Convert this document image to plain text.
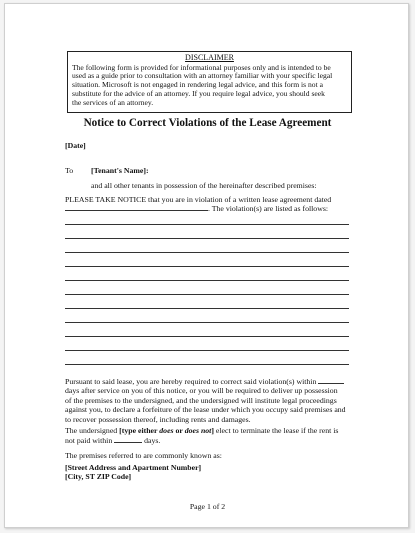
DISCLAIMER
The following form is provided for informational purposes only and is intended to be
used as a guide prior to consultation with an attorney familiar with your specific legal
situation. Microsoft is not engaged in rendering legal advice, and this form is not a
substitute for the advice of an attorney. If you require legal advice, you should seek
the services of an attorney.
Notice to Correct Violations of the Lease Agreement
[Date]
To [Tenant's Name]:
and all other tenants in possession of the hereinafter described premises:
PLEASE TAKE NOTICE that you are in violation of a written lease agreement dated
. The violation(s) are listed as follows:
Pursuant to said lease, you are hereby required to correct said violation(s) within
days after service on you of this notice, or you will be required to deliver up possession
of the premises to the undersigned, and the undersigned will institute legal proceedings
against you, to declare a forfeiture of the lease under which you occupy said premises and
to recover possession thereof, including rents and damages.
The undersigned [type either does or does not] elect to terminate the lease if the rent is
not paid within	days.
The premises referred to are commonly known as:
[Street Address and Apartment Number]
[City, ST ZIP Code]
Page 1 of 2
